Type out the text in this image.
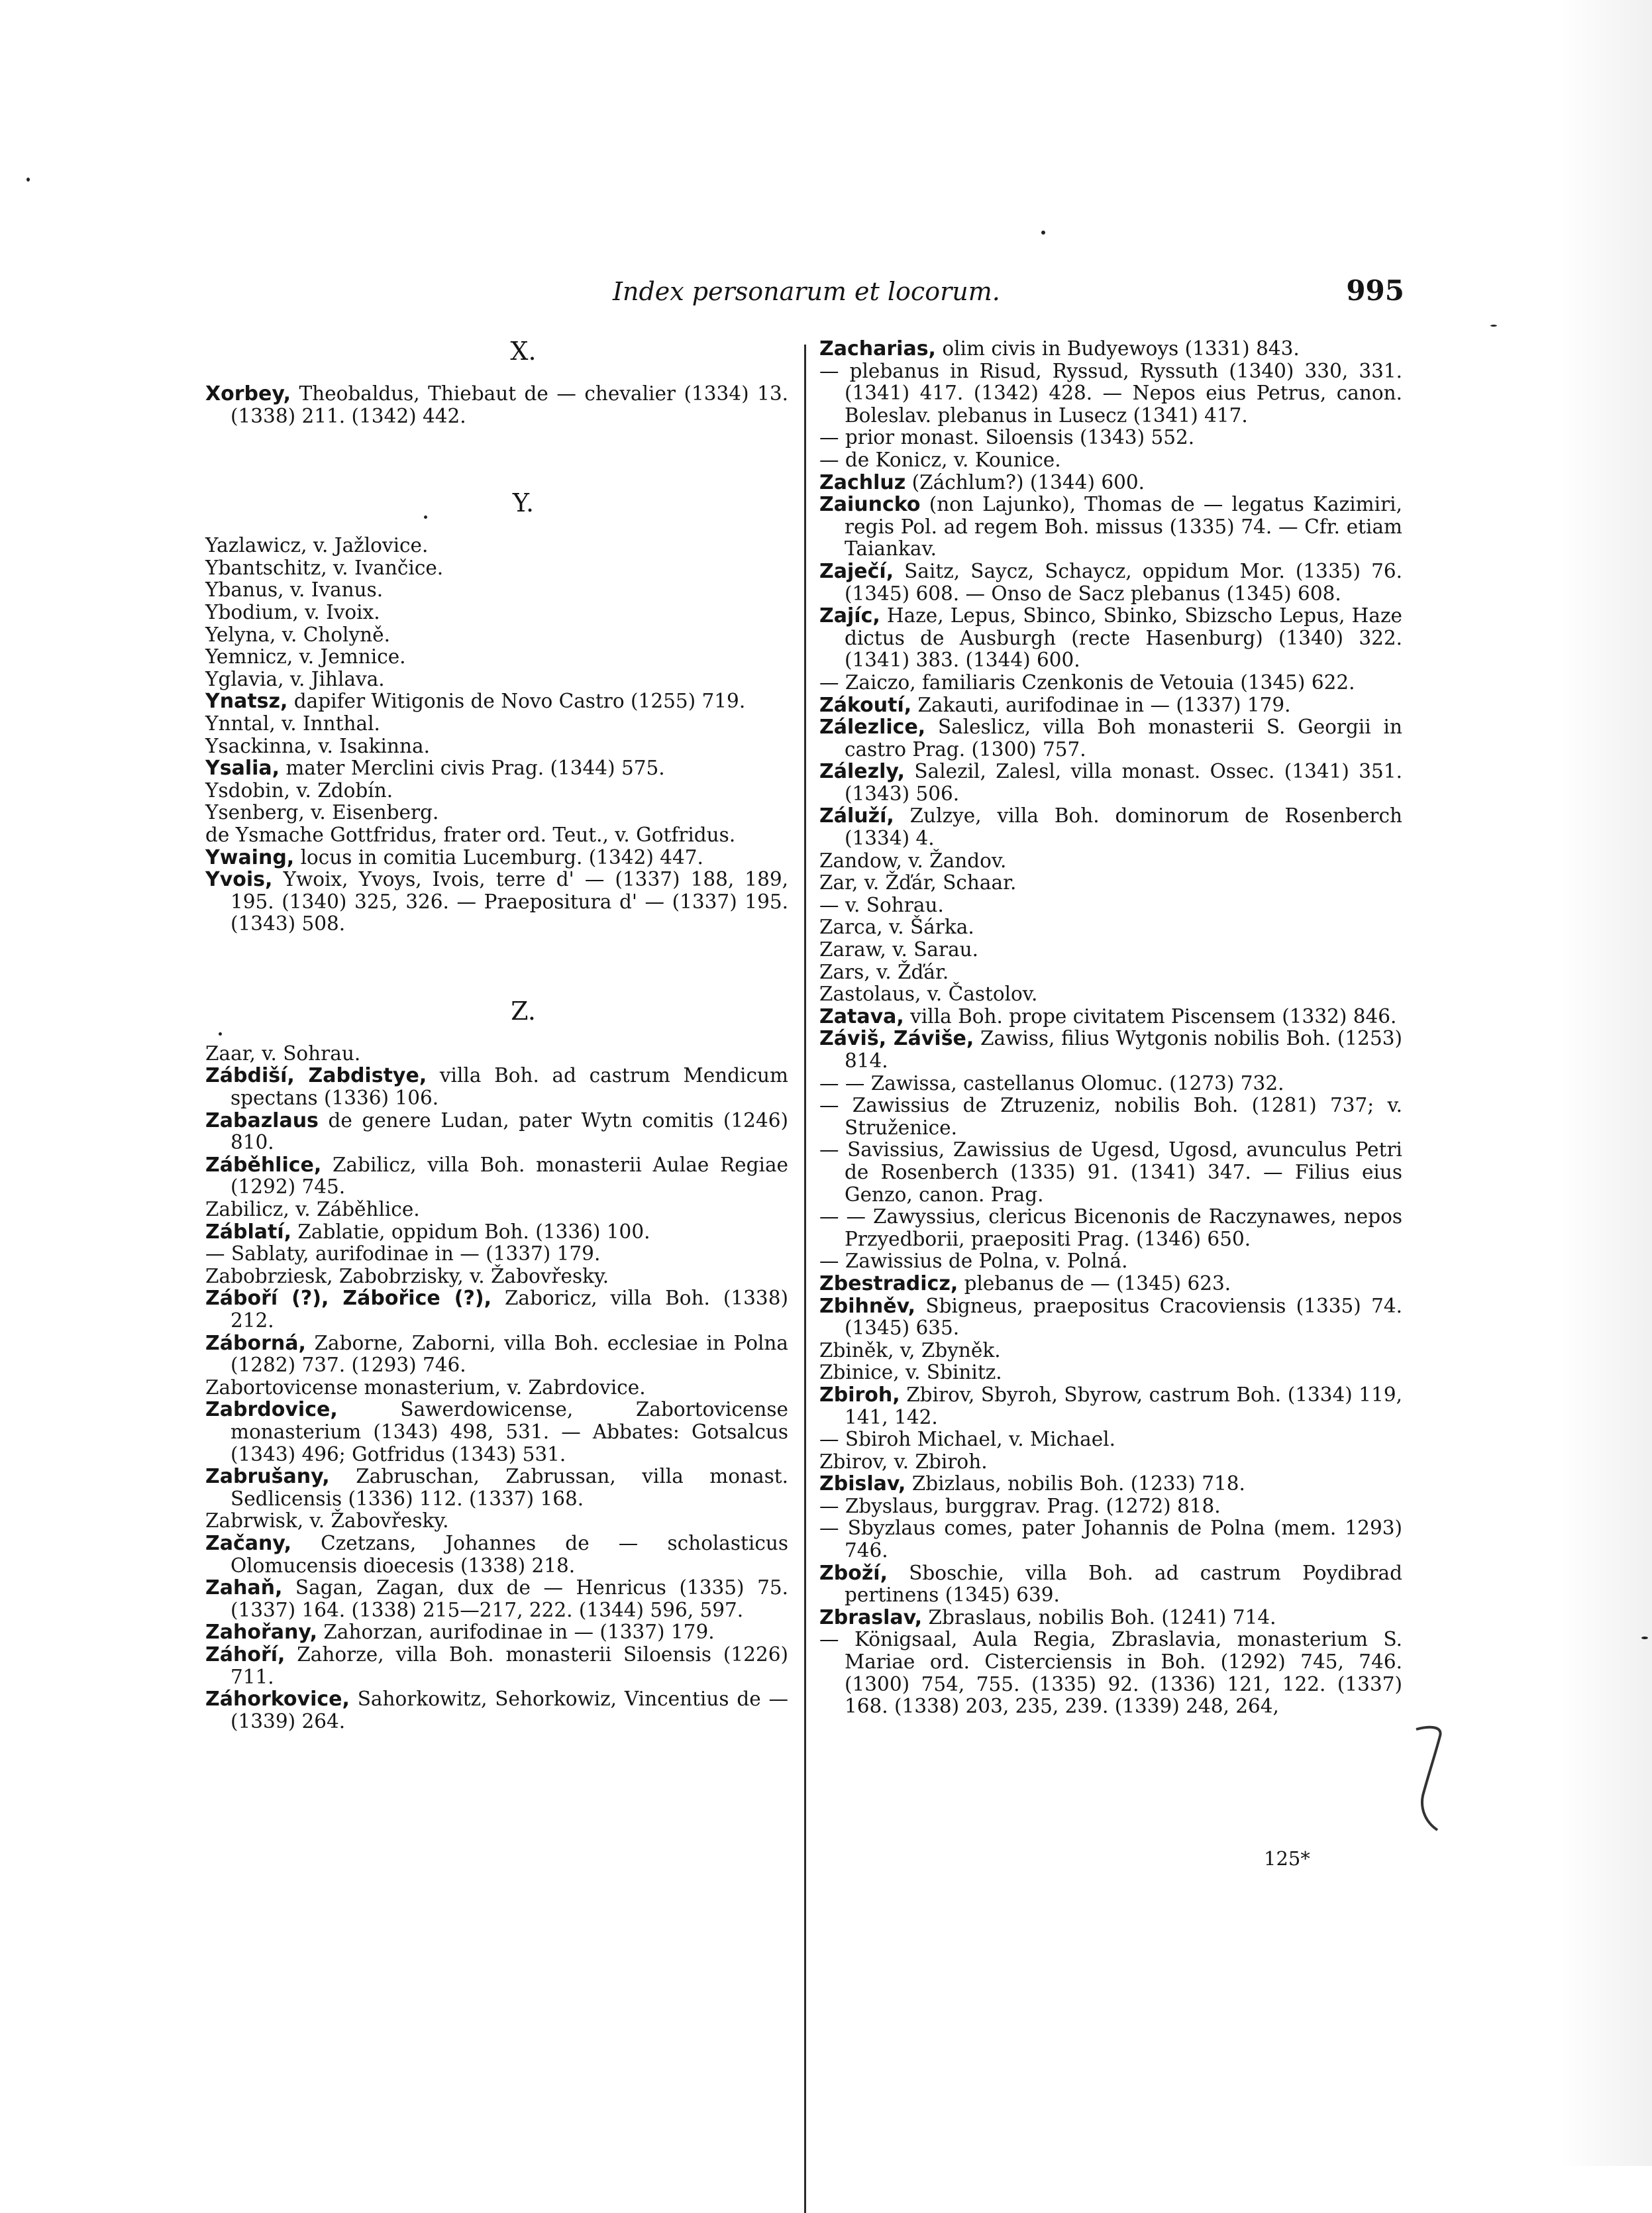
Index personarum et locorum.	995
X.

Xorbey, Theobaldus, Thiebaut de — chevalier (1334) 13. (1338) 211. (1342) 442.

Y.

Yazlawicz, v. Jažlovice.

Ybantschitz, v. Ivančice.

Ybanus, v. Ivanus.

Ybodium, v. Ivoix.

Yelyna, v. Cholyně.

Yemnicz, v. Jemnice.

Yglavia, v. Jihlava.

Ynatsz, dapifer Witigonis de Novo Castro (1255) 719.

Ynntal, v. Innthal.

Ysackinna, v. Isakinna.

Ysalia, mater Merclini civis Prag. (1344) 575.

Ysdobin, v. Zdobín.

Ysenberg, v. Eisenberg.

de Ysmache Gottfridus, frater ord. Teut., v. Gotfridus.

Ywaing, locus in comitia Lucemburg. (1342) 447.

Yvois, Ywoix, Yvoys, Ivois, terre d' — (1337) 188, 189, 195. (1340) 325, 326. — Praepositura d' — (1337) 195. (1343) 508.

Z.

Zaar, v. Sohrau.

Zábdiší, Zabdistye, villa Boh. ad castrum Mendicum spectans (1336) 106.

Zabazlaus de genere Ludan, pater Wytn comitis (1246) 810.

Záběhlice, Zabilicz, villa Boh. monasterii Aulae Regiae (1292) 745.

Zabilicz, v. Záběhlice.

Záblatí, Zablatie, oppidum Boh. (1336) 100.

— Sablaty, aurifodinae in — (1337) 179.

Zabobrziesk, Zabobrzisky, v. Žabovřesky.

Záboří (?), Zábořice (?), Zaboricz, villa Boh. (1338) 212.

Záborná, Zaborne, Zaborni, villa Boh. ecclesiae in Polna (1282) 737. (1293) 746.

Zabortovicense monasterium, v. Zabrdovice.

Zabrdovice,	Sawerdowicense, Zabortovicense monasterium (1343) 498, 531. — Abbates: Gotsalcus (1343) 496; Gotfridus (1343) 531.

Zabrušany, Zabruschan, Zabrussan, villa monast. Sedlicensis (1336) 112. (1337) 168.

Zabrwisk, v. Žabovřesky.

Začany, Czetzans, Johannes de — scholasticus Olomucensis dioecesis (1338) 218.

Zahaň, Sagan, Zagan, dux de — Henricus (1335) 75. (1337) 164. (1338) 215—217, 222. (1344) 596, 597.

Zahořany, Zahorzan, aurifodinae in — (1337) 179.

Záhoří, Zahorze, villa Boh. monasterii Siloensis (1226) 711.

Záhorkovice, Sahorkowitz, Sehorkowiz, Vincentius de — (1339) 264.

Zacharias, olim civis in Budyewoys (1331) 843.

— plebanus in Risud, Ryssud, Ryssuth (1340) 330, 331. (1341) 417. (1342) 428. — Nepos eius Petrus, canon. Boleslav. plebanus in Lusecz (1341) 417.

— prior monast. Siloensis (1343) 552.

— de Konicz, v. Kounice.

Zachluz (Záchlum?) (1344) 600.

Zaiuncko (non Lajunko), Thomas de — legatus Kazimiri, regis Pol. ad regem Boh. missus (1335) 74. — Cfr. etiam Taiankav.

Zaječí, Saitz, Saycz, Schaycz, oppidum Mor. (1335) 76. (1345) 608. — Onso de Sacz plebanus (1345) 608.

Zajíc, Haze, Lepus, Sbinco, Sbinko, Sbizscho Lepus, Haze dictus de Ausburgh (recte Hasenburg) (1340) 322. (1341) 383. (1344) 600.

— Zaiczo, familiaris Czenkonis de Vetouia (1345) 622.

Zákoutí, Zakauti, aurifodinae in — (1337) 179.

Zálezlice, Saleslicz, villa Boh monasterii S. Georgii in castro Prag. (1300) 757.

Zálezly, Salezil, Zalesl, villa monast. Ossec. (1341) 351. (1343) 506.

Záluží, Zulzye, villa Boh. dominorum de Rosenberch (1334) 4.

Zandow, v. Žandov.

Zar, v. Žďár, Schaar.

— v. Sohrau.

Zarca, v. Šárka.

Zaraw, v. Sarau.

Zars, v. Žďár.

Zastolaus, v. Častolov.

Zatava, villa Boh. prope civitatem Piscensem (1332) 846.

Záviš, Záviše, Zawiss, filius Wytgonis nobilis Boh. (1253) 814.

— — Zawissa, castellanus Olomuc. (1273) 732.

— Zawissius de Ztruzeniz, nobilis Boh. (1281) 737; v. Struženice.

— Savissius, Zawissius de Ugesd, Ugosd, avunculus Petri de Rosenberch (1335) 91. (1341) 347. — Filius eius Genzo, canon. Prag.

— — Zawyssius, clericus Bicenonis de Raczynawes, nepos Przyedborii, praepositi Prag. (1346) 650.

— Zawissius de Polna, v. Polná.

Zbestradicz, plebanus de — (1345) 623.

Zbihněv, Sbigneus, praepositus Cracoviensis (1335) 74. (1345) 635.

Zbiněk, v, Zbyněk.

Zbinice, v. Sbinitz.

Zbiroh, Zbirov, Sbyroh, Sbyrow, castrum Boh. (1334) 119, 141, 142.

— Sbiroh Michael, v. Michael.

Zbirov, v. Zbiroh.

Zbislav, Zbizlaus, nobilis Boh. (1233) 718.

— Zbyslaus, burggrav. Prag. (1272) 818.

— Sbyzlaus comes, pater Johannis de Polna (mem. 1293) 746.

Zboží, Sboschie, villa Boh. ad castrum Poydibrad pertinens (1345) 639.

Zbraslav, Zbraslaus, nobilis Boh. (1241) 714.

— Königsaal, Aula Regia, Zbraslavia, monasterium S. Mariae ord. Cisterciensis in Boh. (1292) 745, 746. (1300) 754, 755. (1335) 92. (1336) 121, 122. (1337) 168. (1338) 203, 235, 239. (1339) 248, 264,

125*
